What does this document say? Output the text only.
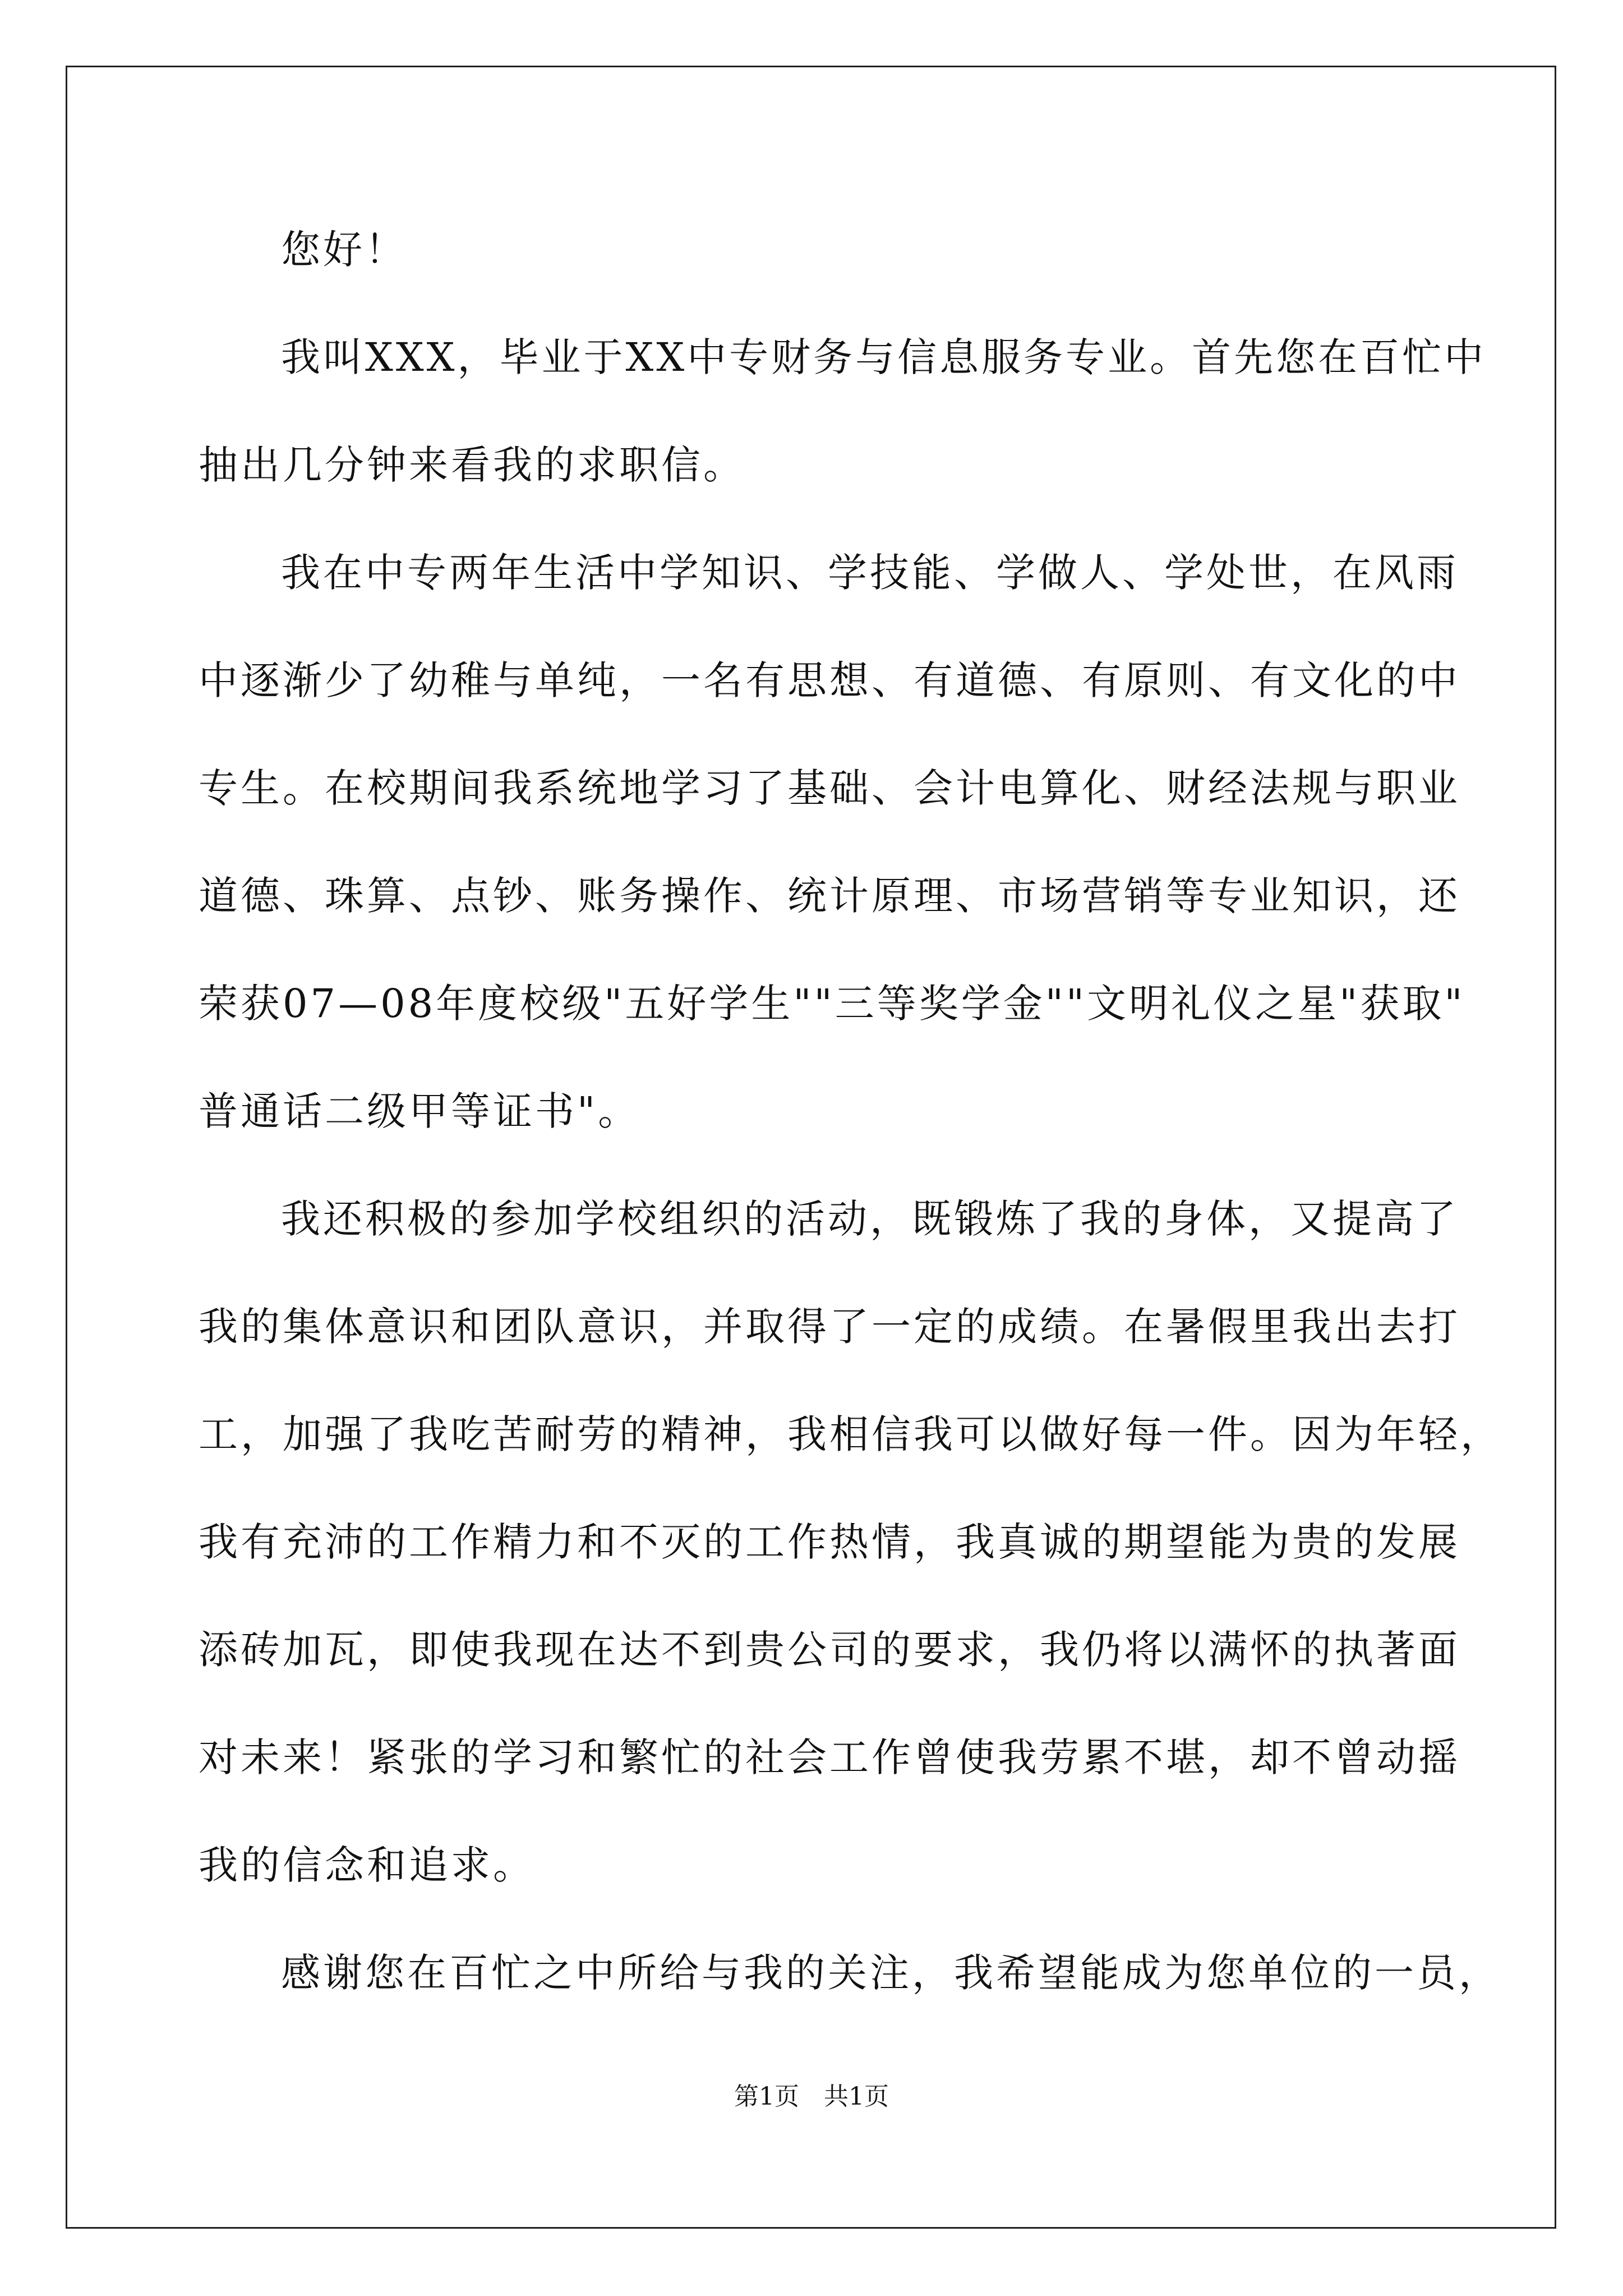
您好！
我叫XXX，毕业于XX中专财务与信息服务专业。首先您在百忙中
抽出几分钟来看我的求职信。
我在中专两年生活中学知识、学技能、学做人、学处世，在风雨
中逐渐少了幼稚与单纯，一名有思想、有道德、有原则、有文化的中
专生。在校期间我系统地学习了基础、会计电算化、财经法规与职业
道德、珠算、点钞、账务操作、统计原理、市场营销等专业知识，还
荣获07—08年度校级"五好学生""三等奖学金""文明礼仪之星"获取"
普通话二级甲等证书"。
我还积极的参加学校组织的活动，既锻炼了我的身体，又提高了
我的集体意识和团队意识，并取得了一定的成绩。在暑假里我出去打
工，加强了我吃苦耐劳的精神，我相信我可以做好每一件。因为年轻，
我有充沛的工作精力和不灭的工作热情，我真诚的期望能为贵的发展
添砖加瓦，即使我现在达不到贵公司的要求，我仍将以满怀的执著面
对未来！紧张的学习和繁忙的社会工作曾使我劳累不堪，却不曾动摇
我的信念和追求。
感谢您在百忙之中所给与我的关注，我希望能成为您单位的一员，
第1页 共1页
